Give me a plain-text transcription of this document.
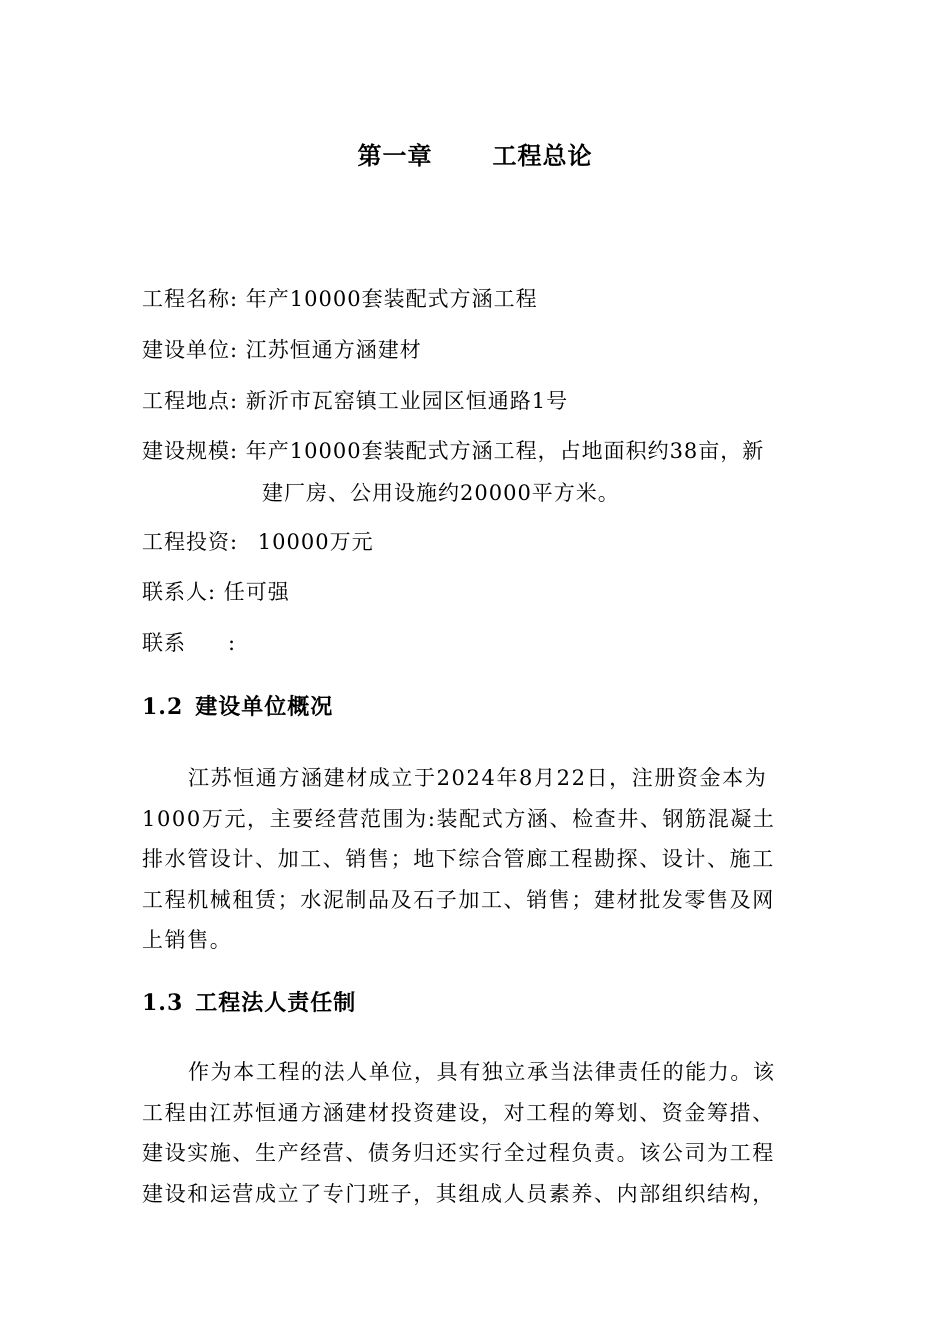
第一章	工程总论
工程名称: 年产10000套装配式方涵工程
建设单位: 江苏恒通方涵建材
工程地点: 新沂市瓦窑镇工业园区恒通路1号
建设规模: 年产10000套装配式方涵工程，占地面积约38亩，新
建厂房、公用设施约20000平方米。
工程投资: 10000万元
联系人: 任可强
联系 :
1.2 建设单位概况
江苏恒通方涵建材成立于2024年8月22日，注册资金本为
1000万元，主要经营范围为:装配式方涵、检查井、钢筋混凝土
排水管设计、加工、销售；地下综合管廊工程勘探、设计、施工
工程机械租赁；水泥制品及石子加工、销售；建材批发零售及网
上销售。
1.3 工程法人责任制
作为本工程的法人单位，具有独立承当法律责任的能力。该
工程由江苏恒通方涵建材投资建设，对工程的筹划、资金筹措、
建设实施、生产经营、债务归还实行全过程负责。该公司为工程
建设和运营成立了专门班子，其组成人员素养、内部组织结构，
